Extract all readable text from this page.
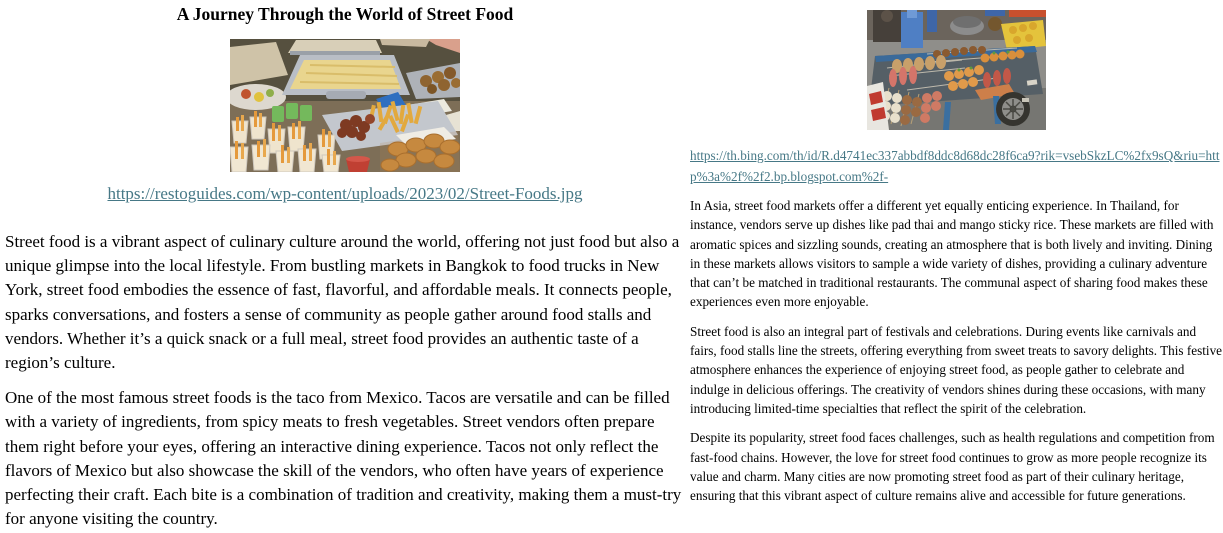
A Journey Through the World of Street Food
https://restoguides.com/wp-content/uploads/2023/02/Street-Foods.jpg

Street food is a vibrant aspect of culinary culture around the world, offering not just food but also a unique glimpse into the local lifestyle. From bustling markets in Bangkok to food trucks in New York, street food embodies the essence of fast, flavorful, and affordable meals. It connects people, sparks conversations, and fosters a sense of community as people gather around food stalls and vendors. Whether it’s a quick snack or a full meal, street food provides an authentic taste of a region’s culture.

One of the most famous street foods is the taco from Mexico. Tacos are versatile and can be filled with a variety of ingredients, from spicy meats to fresh vegetables. Street vendors often prepare them right before your eyes, offering an interactive dining experience. Tacos not only reflect the flavors of Mexico but also showcase the skill of the vendors, who often have years of experience perfecting their craft. Each bite is a combination of tradition and creativity, making them a must-try for anyone visiting the country.

https://th.bing.com/th/id/R.d4741ec337abbdf8ddc8d68dc28f6ca9?rik=vsebSkzLC%2fx9sQ&riu=http%3a%2f%2f2.bp.blogspot.com%2f-

In Asia, street food markets offer a different yet equally enticing experience. In Thailand, for instance, vendors serve up dishes like pad thai and mango sticky rice. These markets are filled with aromatic spices and sizzling sounds, creating an atmosphere that is both lively and inviting. Dining in these markets allows visitors to sample a wide variety of dishes, providing a culinary adventure that can’t be matched in traditional restaurants. The communal aspect of sharing food makes these experiences even more enjoyable.

Street food is also an integral part of festivals and celebrations. During events like carnivals and fairs, food stalls line the streets, offering everything from sweet treats to savory delights. This festive atmosphere enhances the experience of enjoying street food, as people gather to celebrate and indulge in delicious offerings. The creativity of vendors shines during these occasions, with many introducing limited-time specialties that reflect the spirit of the celebration.

Despite its popularity, street food faces challenges, such as health regulations and competition from fast-food chains. However, the love for street food continues to grow as more people recognize its value and charm. Many cities are now promoting street food as part of their culinary heritage, ensuring that this vibrant aspect of culture remains alive and accessible for future generations.
